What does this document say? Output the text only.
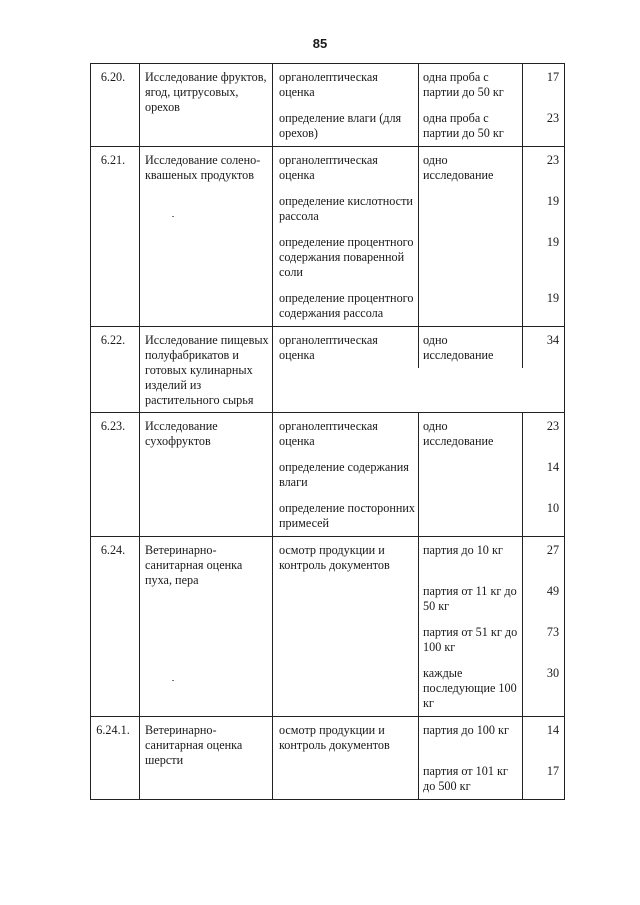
85
6.20.	Исследование фруктов, ягод, цитрусовых, орехов	
органолептическая оценка	одна проба с партии до 50 кг	17
определение влаги (для орехов)	одна проба с партии до 50 кг	23

6.21.	Исследование солено-квашеных продуктов	
органолептическая оценка	одно исследование	23
определение кислотности рассола		19
определение процентного содержания поваренной соли		19
определение процентного содержания рассола		19

6.22.	Исследование пищевых полуфабрикатов и готовых кулинарных изделий из растительного сырья	
органолептическая оценка	одно исследование	34

6.23.	Исследование сухофруктов	
органолептическая оценка	одно исследование	23
определение содержания влаги		14
определение посторонних примесей		10

6.24.	Ветеринарно-санитарная оценка пуха, пера	
осмотр продукции и контроль документов	партия до 10 кг	27
	партия от 11 кг до 50 кг	49
	партия от 51 кг до 100 кг	73
	каждые последующие 100 кг	30

6.24.1.	Ветеринарно-санитарная оценка шерсти	
осмотр продукции и контроль документов	партия до 100 кг	14
	партия от 101 кг до 500 кг	17
